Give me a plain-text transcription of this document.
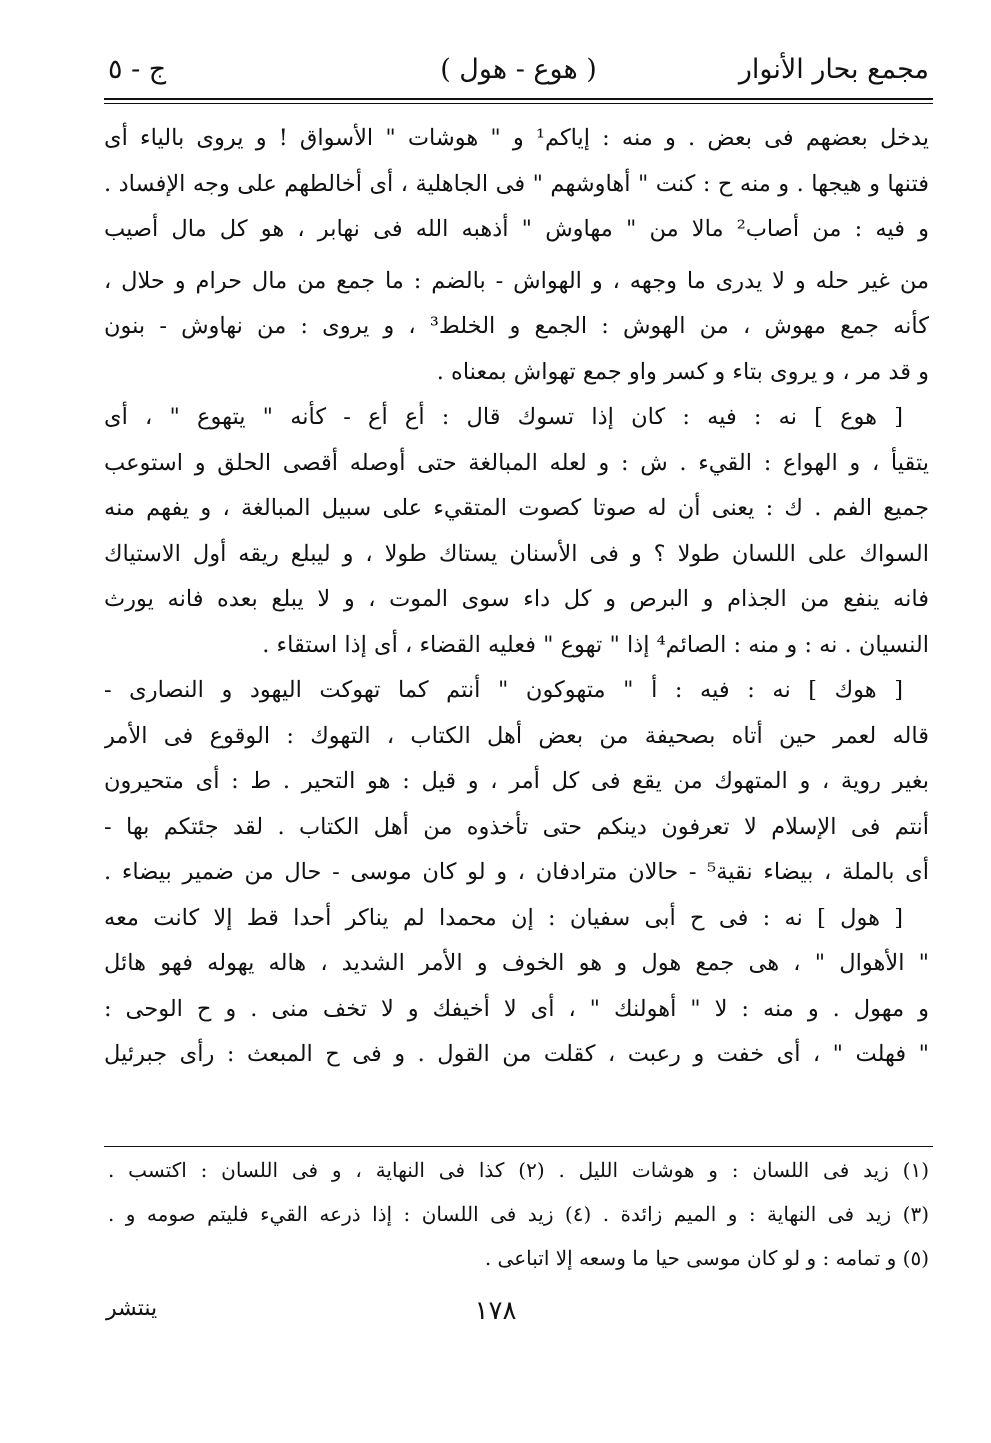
مجمع بحار الأنوار
( هوع - هول )
ج - ٥
يدخل بعضهم فى بعض . و منه : إياكم¹ و " هوشات " الأسواق ! و يروى بالياء أى
فتنها و هيجها . و منه ح : كنت " أهاوشهم " فى الجاهلية ، أى أخالطهم على وجه الإفساد .
و فيه : من أصاب² مالا من " مهاوش " أذهبه الله فى نهابر ، هو كل مال أصيب
من غير حله و لا يدرى ما وجهه ، و الهواش - بالضم : ما جمع من مال حرام و حلال ،
كأنه جمع مهوش ، من الهوش : الجمع و الخلط³ ، و يروى : من نهاوش - بنون
و قد مر ، و يروى بتاء و كسر واو جمع تهواش بمعناه .
[ هوع ] نه : فيه : كان إذا تسوك قال : أع أع - كأنه " يتهوع " ، أى
يتقيأ ، و الهواع : القيء . ش : و لعله المبالغة حتى أوصله أقصى الحلق و استوعب
جميع الفم . ك : يعنى أن له صوتا كصوت المتقيء على سبيل المبالغة ، و يفهم منه
السواك على اللسان طولا ؟ و فى الأسنان يستاك طولا ، و ليبلع ريقه أول الاستياك
فانه ينفع من الجذام و البرص و كل داء سوى الموت ، و لا يبلع بعده فانه يورث
النسيان . نه : و منه : الصائم⁴ إذا " تهوع " فعليه القضاء ، أى إذا استقاء .
[ هوك ] نه : فيه : أ " متهوكون " أنتم كما تهوكت اليهود و النصارى -
قاله لعمر حين أتاه بصحيفة من بعض أهل الكتاب ، التهوك : الوقوع فى الأمر
بغير روية ، و المتهوك من يقع فى كل أمر ، و قيل : هو التحير . ط : أى متحيرون
أنتم فى الإسلام لا تعرفون دينكم حتى تأخذوه من أهل الكتاب . لقد جئتكم بها -
أى بالملة ، بيضاء نقية⁵ - حالان مترادفان ، و لو كان موسى - حال من ضمير بيضاء .
[ هول ] نه : فى ح أبى سفيان : إن محمدا لم يناكر أحدا قط إلا كانت معه
" الأهوال " ، هى جمع هول و هو الخوف و الأمر الشديد ، هاله يهوله فهو هائل
و مهول . و منه : لا " أهولنك " ، أى لا أخيفك و لا تخف منى . و ح الوحى :
" فهلت " ، أى خفت و رعبت ، كقلت من القول . و فى ح المبعث : رأى جبرئيل
(١) زيد فى اللسان : و هوشات الليل . (٢) كذا فى النهاية ، و فى اللسان : اكتسب .
(٣) زيد فى النهاية : و الميم زائدة . (٤) زيد فى اللسان : إذا ذرعه القيء فليتم صومه و .
(٥) و تمامه : و لو كان موسى حيا ما وسعه إلا اتباعى .
١٧٨
ينتشر
